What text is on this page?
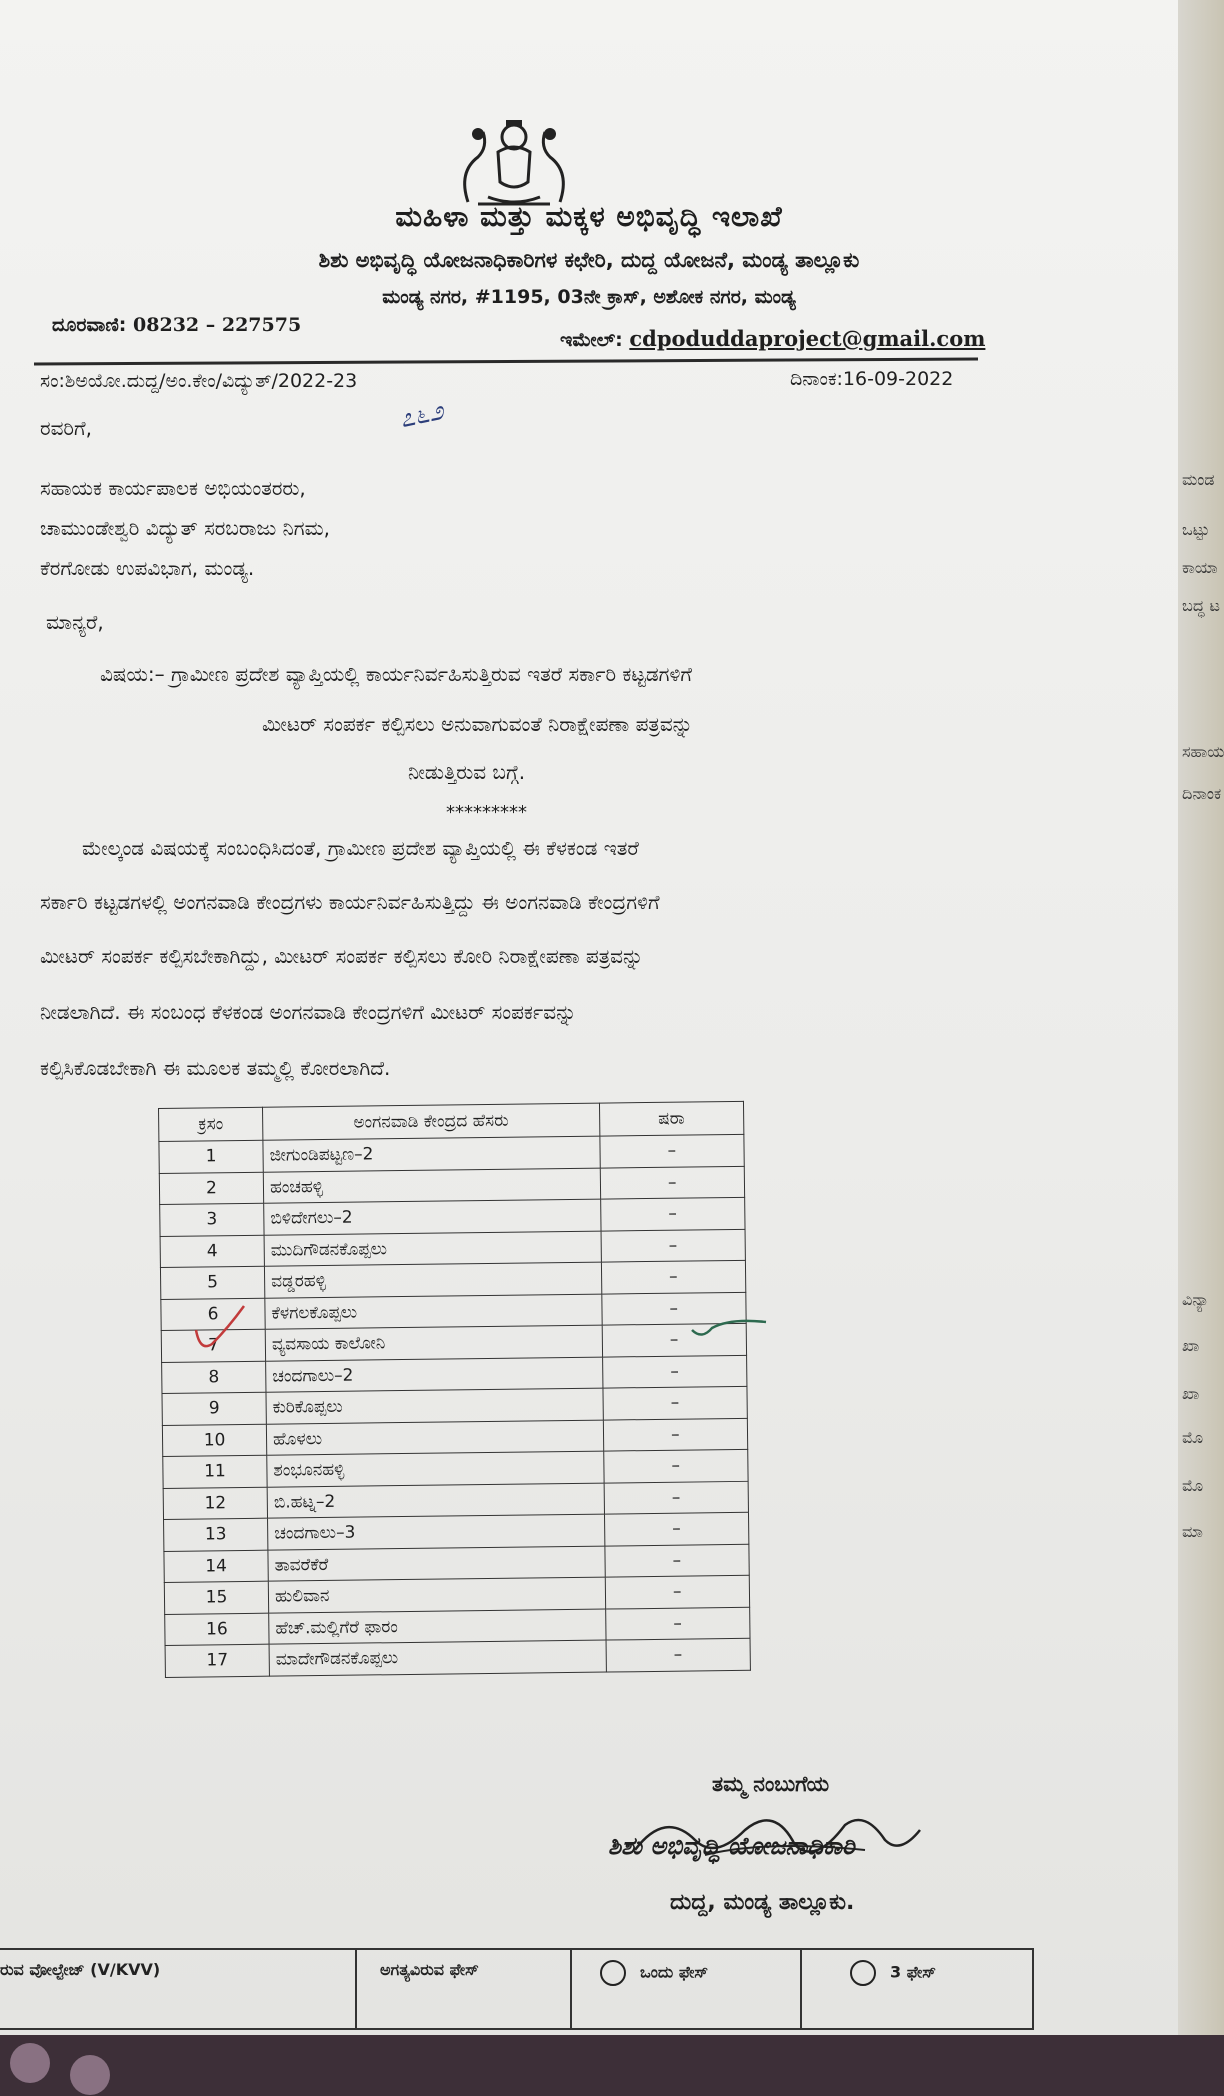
ಮಹಿಳಾ ಮತ್ತು ಮಕ್ಕಳ ಅಭಿವೃದ್ಧಿ ಇಲಾಖೆ
ಶಿಶು ಅಭಿವೃದ್ಧಿ ಯೋಜನಾಧಿಕಾರಿಗಳ ಕಛೇರಿ, ದುದ್ದ ಯೋಜನೆ, ಮಂಡ್ಯ ತಾಲ್ಲೂಕು
ಮಂಡ್ಯ ನಗರ, #1195, 03ನೇ ಕ್ರಾಸ್, ಅಶೋಕ ನಗರ, ಮಂಡ್ಯ
ದೂರವಾಣಿ: 08232 – 227575
ಇಮೇಲ್: cdpoduddaproject@gmail.com
ಸಂ:ಶಿಅಯೋ.ದುದ್ದ/ಅಂ.ಕೇಂ/ವಿದ್ಯುತ್/2022-23	ದಿನಾಂಕ:16-09-2022
೭೬೨
ರವರಿಗೆ,
ಸಹಾಯಕ ಕಾರ್ಯಪಾಲಕ ಅಭಿಯಂತರರು,
ಚಾಮುಂಡೇಶ್ವರಿ ವಿದ್ಯುತ್ ಸರಬರಾಜು ನಿಗಮ,
ಕೆರಗೋಡು ಉಪವಿಭಾಗ, ಮಂಡ್ಯ.
ಮಾನ್ಯರೆ,
ವಿಷಯ:– ಗ್ರಾಮೀಣ ಪ್ರದೇಶ ವ್ಯಾಪ್ತಿಯಲ್ಲಿ ಕಾರ್ಯನಿರ್ವಹಿಸುತ್ತಿರುವ ಇತರೆ ಸರ್ಕಾರಿ ಕಟ್ಟಡಗಳಿಗೆ
ಮೀಟರ್ ಸಂಪರ್ಕ ಕಲ್ಪಿಸಲು ಅನುವಾಗುವಂತೆ ನಿರಾಕ್ಷೇಪಣಾ ಪತ್ರವನ್ನು
ನೀಡುತ್ತಿರುವ ಬಗ್ಗೆ.
*********
ಮೇಲ್ಕಂಡ ವಿಷಯಕ್ಕೆ ಸಂಬಂಧಿಸಿದಂತೆ, ಗ್ರಾಮೀಣ ಪ್ರದೇಶ ವ್ಯಾಪ್ತಿಯಲ್ಲಿ ಈ ಕೆಳಕಂಡ ಇತರೆ
ಸರ್ಕಾರಿ ಕಟ್ಟಡಗಳಲ್ಲಿ ಅಂಗನವಾಡಿ ಕೇಂದ್ರಗಳು ಕಾರ್ಯನಿರ್ವಹಿಸುತ್ತಿದ್ದು ಈ ಅಂಗನವಾಡಿ ಕೇಂದ್ರಗಳಿಗೆ
ಮೀಟರ್ ಸಂಪರ್ಕ ಕಲ್ಪಿಸಬೇಕಾಗಿದ್ದು, ಮೀಟರ್ ಸಂಪರ್ಕ ಕಲ್ಪಿಸಲು ಕೋರಿ ನಿರಾಕ್ಷೇಪಣಾ ಪತ್ರವನ್ನು
ನೀಡಲಾಗಿದೆ. ಈ ಸಂಬಂಧ ಕೆಳಕಂಡ ಅಂಗನವಾಡಿ ಕೇಂದ್ರಗಳಿಗೆ ಮೀಟರ್ ಸಂಪರ್ಕವನ್ನು
ಕಲ್ಪಿಸಿಕೊಡಬೇಕಾಗಿ ಈ ಮೂಲಕ ತಮ್ಮಲ್ಲಿ ಕೋರಲಾಗಿದೆ.
ಕ್ರಸಂ	ಅಂಗನವಾಡಿ ಕೇಂದ್ರದ ಹೆಸರು	ಷರಾ
1	ಜೀಗುಂಡಿಪಟ್ಟಣ–2	–
2	ಹಂಚಹಳ್ಳಿ	–
3	ಬಿಳಿದೇಗಲು–2	–
4	ಮುದಿಗೌಡನಕೊಪ್ಪಲು	–
5	ವಡ್ಡರಹಳ್ಳಿ	–
6	ಕೆಳಗಲಕೊಪ್ಪಲು	–
7	ವ್ಯವಸಾಯ ಕಾಲೋನಿ	–
8	ಚಂದಗಾಲು–2	–
9	ಕುರಿಕೊಪ್ಪಲು	–
10	ಹೊಳಲು	–
11	ಶಂಭೂನಹಳ್ಳಿ	–
12	ಬಿ.ಹಟ್ನ–2	–
13	ಚಂದಗಾಲು–3	–
14	ತಾವರೆಕೆರೆ	–
15	ಹುಲಿವಾನ	–
16	ಹೆಚ್.ಮಲ್ಲಿಗೆರೆ ಫಾರಂ	–
17	ಮಾದೇಗೌಡನಕೊಪ್ಪಲು	–
ತಮ್ಮ ನಂಬುಗೆಯ
ಶಿಶು ಅಭಿವೃದ್ಧಿ ಯೋಜನಾಧಿಕಾರಿ
ದುದ್ದ, ಮಂಡ್ಯ ತಾಲ್ಲೂಕು.
ರುವ ವೋಲ್ಟೇಜ್ (V/KVV)	ಅಗತ್ಯವಿರುವ ಫೇಸ್	ಒಂದು ಫೇಸ್	3 ಫೇಸ್
ಮಂಡ
ಒಟ್ಟು
ಕಾಯಾ
ಬದ್ಧ ಟ
ಸಹಾಯ
ದಿನಾಂಕ
ವಿನ್ಯಾ
ಖಾ
ಖಾ
ಮೊ
ಮೊ
ಮಾ
